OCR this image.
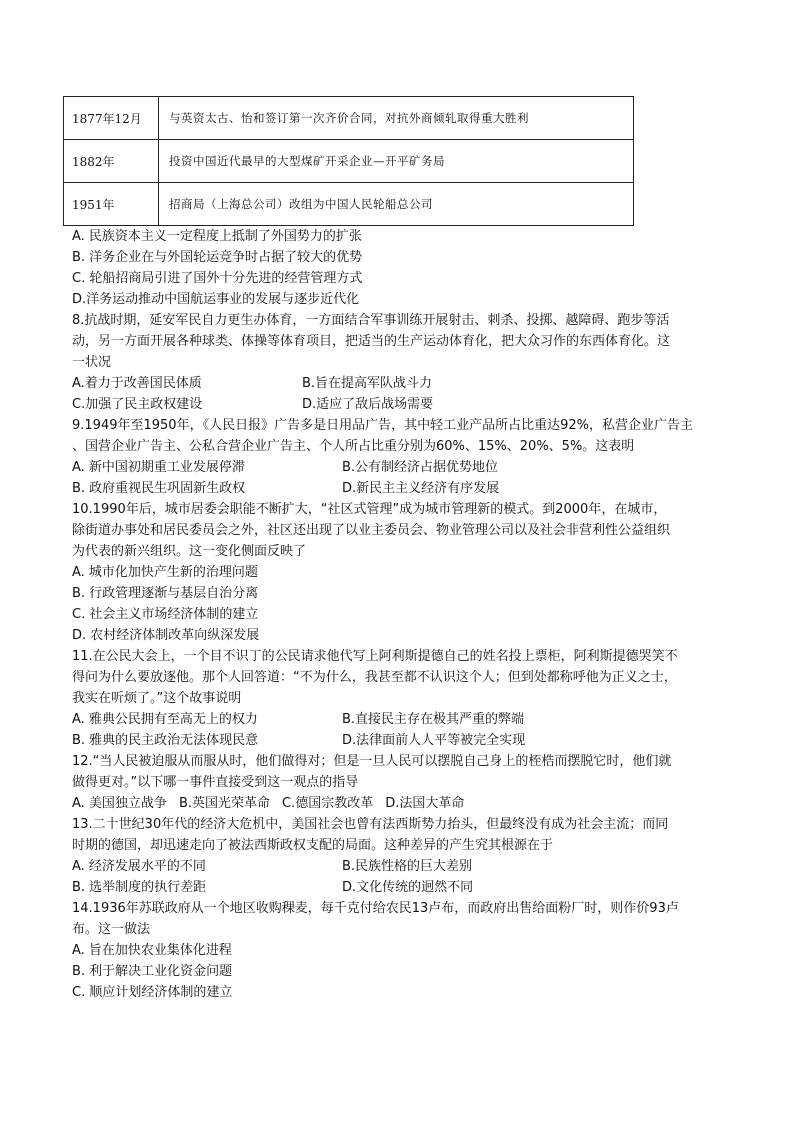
1877年12月	与英资太古、怡和签订第一次齐价合同，对抗外商倾轧取得重大胜利
1882年	投资中国近代最早的大型煤矿开采企业—开平矿务局
1951年	招商局（上海总公司）改组为中国人民轮船总公司
A. 民族资本主义一定程度上抵制了外国势力的扩张
B. 洋务企业在与外国轮运竞争时占据了较大的优势
C. 轮船招商局引进了国外十分先进的经营管理方式
D.洋务运动推动中国航运事业的发展与逐步近代化
8.抗战时期，延安军民自力更生办体育，一方面结合军事训练开展射击、刺杀、投掷、越障碍、跑步等活
动，另一方面开展各种球类、体操等体育项目，把适当的生产运动体育化，把大众习作的东西体育化。这
一状况
A.着力于改善国民体质	B.旨在提高军队战斗力
C.加强了民主政权建设	D.适应了敌后战场需要
9.1949年至1950年，《人民日报》广告多是日用品广告，其中轻工业产品所占比重达92%，私营企业广告主
、国营企业广告主、公私合营企业广告主、个人所占比重分别为60%、15%、20%、5%。这表明
A. 新中国初期重工业发展停滞	B.公有制经济占据优势地位
B. 政府重视民生巩固新生政权	D.新民主主义经济有序发展
10.1990年后，城市居委会职能不断扩大，“社区式管理”成为城市管理新的模式。到2000年，在城市，
除街道办事处和居民委员会之外，社区还出现了以业主委员会、物业管理公司以及社会非营利性公益组织
为代表的新兴组织。这一变化侧面反映了
A. 城市化加快产生新的治理问题
B. 行政管理逐渐与基层自治分离
C. 社会主义市场经济体制的建立
D. 农村经济体制改革向纵深发展
11.在公民大会上，一个目不识丁的公民请求他代写上阿利斯提德自己的姓名投上票柜，阿利斯提德哭笑不
得问为什么要放逐他。那个人回答道：“不为什么，我甚至都不认识这个人；但到处都称呼他为正义之士，
我实在听烦了。”这个故事说明
A. 雅典公民拥有至高无上的权力	B.直接民主存在极其严重的弊端
B. 雅典的民主政治无法体现民意	D.法律面前人人平等被完全实现
12.“当人民被迫服从而服从时，他们做得对；但是一旦人民可以摆脱自己身上的桎梏而摆脱它时，他们就
做得更对。”以下哪一事件直接受到这一观点的指导
A. 美国独立战争 B.英国光荣革命 C.德国宗教改革 D.法国大革命
13.二十世纪30年代的经济大危机中，美国社会也曾有法西斯势力抬头，但最终没有成为社会主流；而同
时期的德国，却迅速走向了被法西斯政权支配的局面。这种差异的产生究其根源在于
A. 经济发展水平的不同	B.民族性格的巨大差别
B. 选举制度的执行差距	D.文化传统的迥然不同
14.1936年苏联政府从一个地区收购稞麦，每千克付给农民13卢布，而政府出售给面粉厂时，则作价93卢
布。这一做法
A. 旨在加快农业集体化进程
B. 利于解决工业化资金问题
C. 顺应计划经济体制的建立
